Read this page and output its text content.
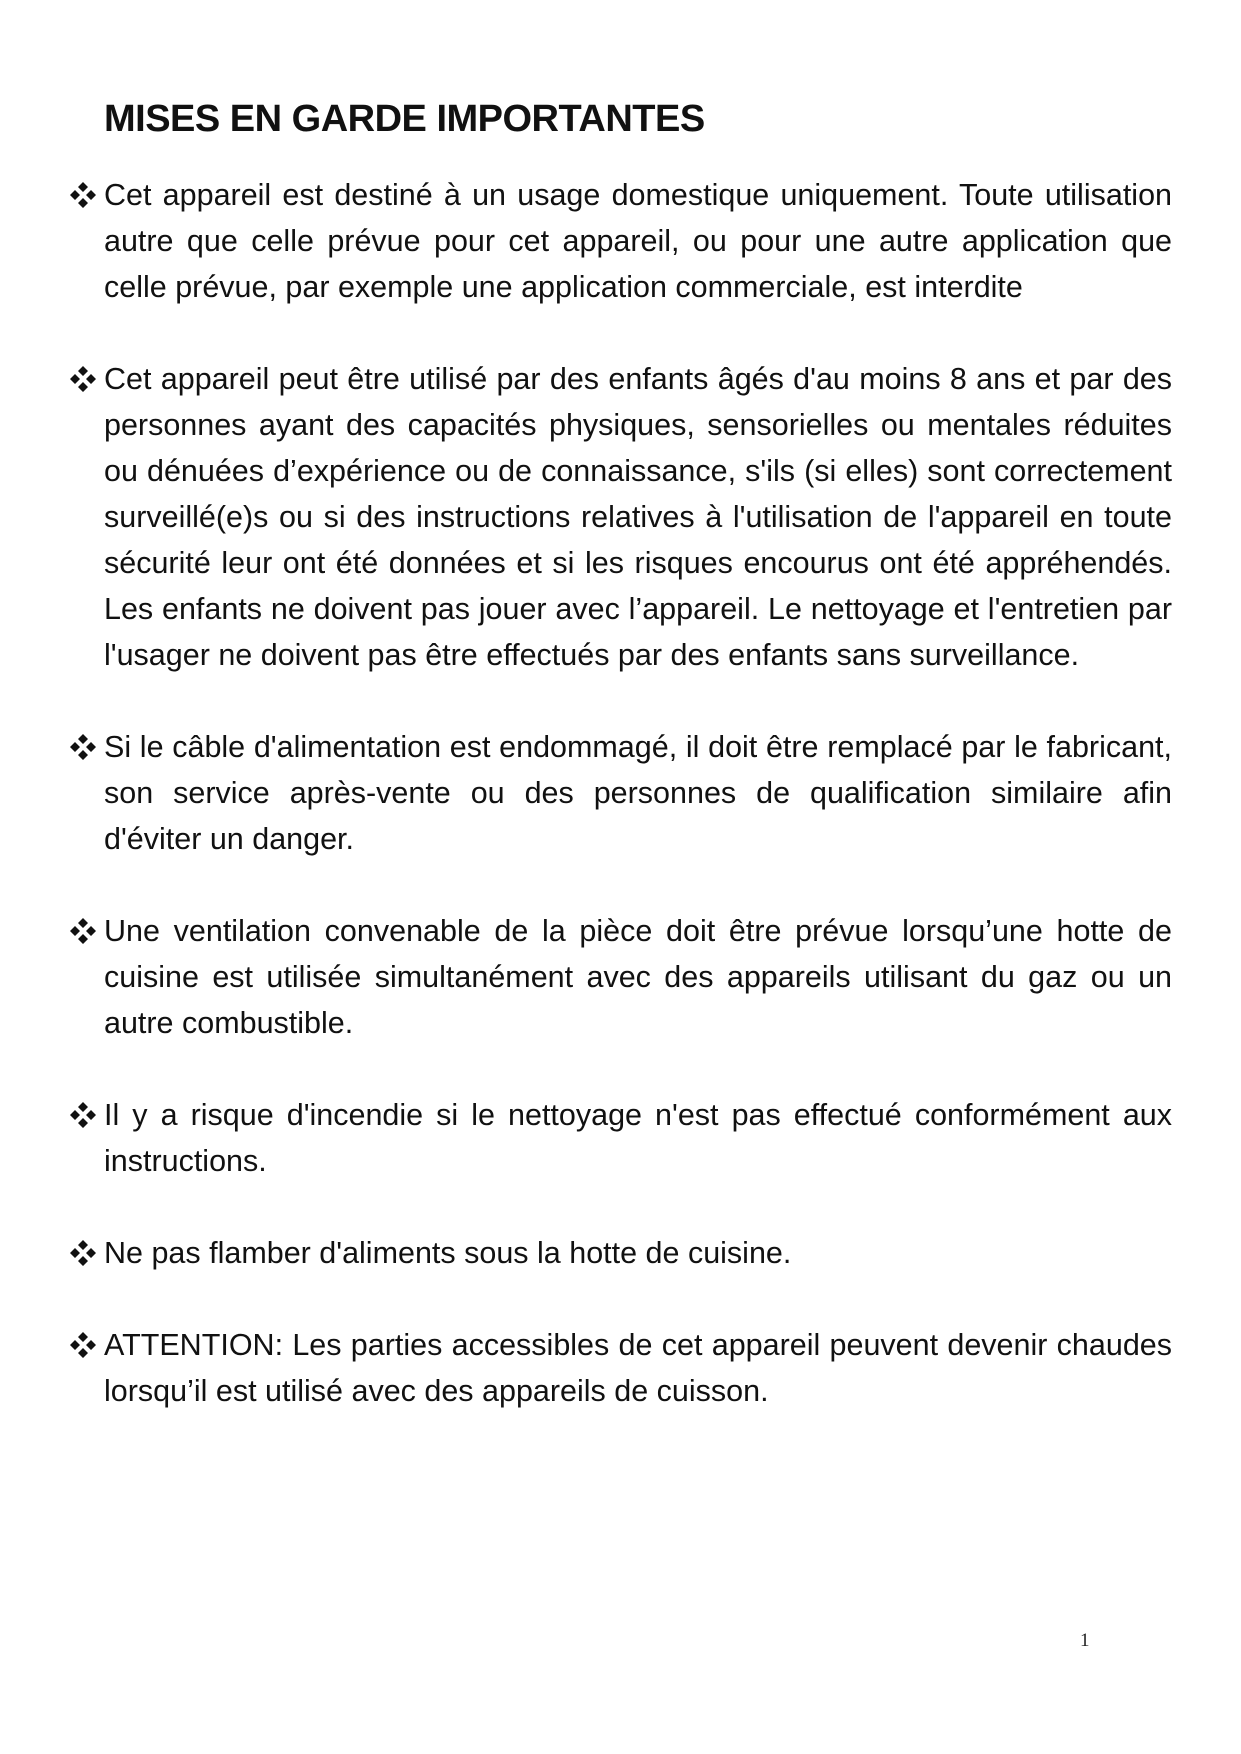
MISES EN GARDE IMPORTANTES
Cet appareil est destiné à un usage domestique uniquement. Toute utilisation autre que celle prévue pour cet appareil, ou pour une autre application que celle prévue, par exemple une application commerciale, est interdite
Cet appareil peut être utilisé par des enfants âgés d'au moins 8 ans et par des personnes ayant des capacités physiques, sensorielles ou mentales réduites ou dénuées d’expérience ou de connaissance, s'ils (si elles) sont correctement surveillé(e)s ou si des instructions relatives à l'utilisation de l'appareil en toute sécurité leur ont été données et si les risques encourus ont été appréhendés. Les enfants ne doivent pas jouer avec l’appareil. Le nettoyage et l'entretien par l'usager ne doivent pas être effectués par des enfants sans surveillance.
Si le câble d'alimentation est endommagé, il doit être remplacé par le fabricant, son service après-vente ou des personnes de qualification similaire afin d'éviter un danger.
Une ventilation convenable de la pièce doit être prévue lorsqu’une hotte de cuisine est utilisée simultanément avec des appareils utilisant du gaz ou un autre combustible.
Il y a risque d'incendie si le nettoyage n'est pas effectué conformément aux instructions.
Ne pas flamber d'aliments sous la hotte de cuisine.
ATTENTION: Les parties accessibles de cet appareil peuvent devenir chaudes lorsqu’il est utilisé avec des appareils de cuisson.
1
